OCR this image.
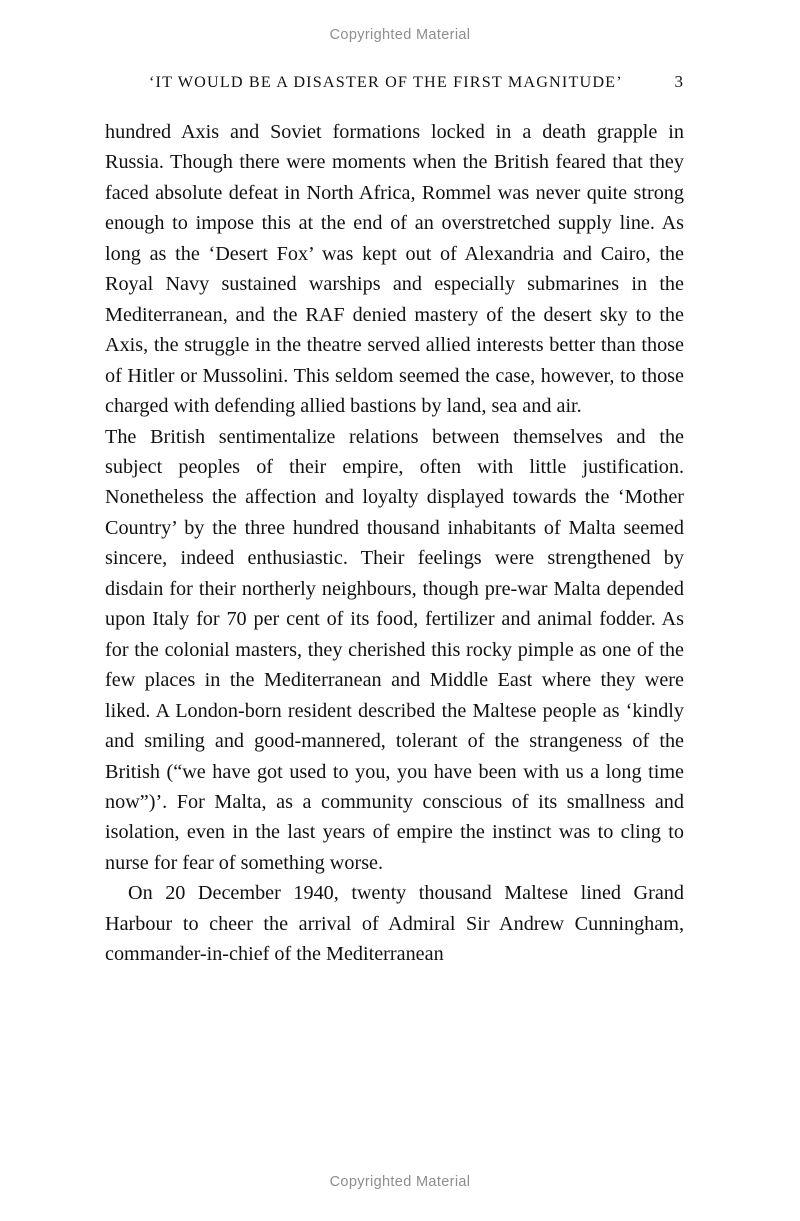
Copyrighted Material
‘IT WOULD BE A DISASTER OF THE FIRST MAGNITUDE’	3

hundred Axis and Soviet formations locked in a death grapple in Russia. Though there were moments when the British feared that they faced absolute defeat in North Africa, Rommel was never quite strong enough to impose this at the end of an overstretched supply line. As long as the ‘Desert Fox’ was kept out of Alexandria and Cairo, the Royal Navy sustained warships and especially submarines in the Mediterranean, and the RAF denied mastery of the desert sky to the Axis, the struggle in the theatre served allied interests better than those of Hitler or Mussolini. This seldom seemed the case, however, to those charged with defending allied bastions by land, sea and air.

The British sentimentalize relations between themselves and the subject peoples of their empire, often with little justification. Nonetheless the affection and loyalty displayed towards the ‘Mother Country’ by the three hundred thousand inhabitants of Malta seemed sincere, indeed enthusiastic. Their feelings were strengthened by disdain for their northerly neighbours, though pre-war Malta depended upon Italy for 70 per cent of its food, fertilizer and animal fodder. As for the colonial masters, they cherished this rocky pimple as one of the few places in the Mediterranean and Middle East where they were liked. A London-born resident described the Maltese people as ‘kindly and smiling and good-mannered, tolerant of the strangeness of the British (“we have got used to you, you have been with us a long time now”)’. For Malta, as a community conscious of its smallness and isolation, even in the last years of empire the instinct was to cling to nurse for fear of something worse.

On 20 December 1940, twenty thousand Maltese lined Grand Harbour to cheer the arrival of Admiral Sir Andrew Cunningham, commander-in-chief of the Mediterranean

Copyrighted Material
